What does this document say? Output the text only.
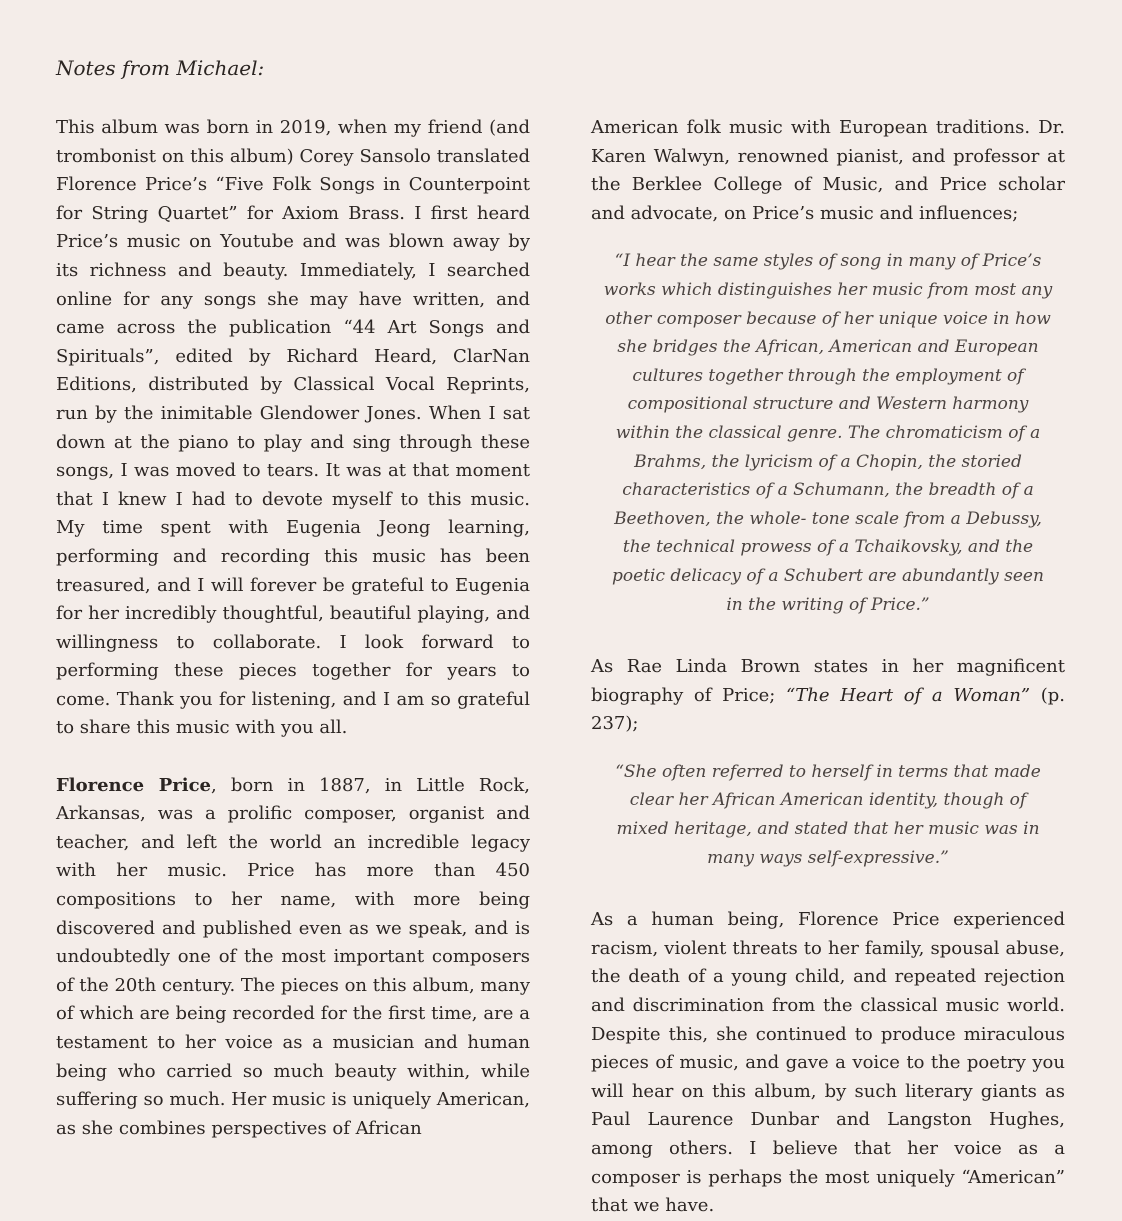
Notes from Michael:

This album was born in 2019, when my friend (and trombonist on this album) Corey Sansolo translated Florence Price’s “Five Folk Songs in Counterpoint for String Quartet” for Axiom Brass. I first heard Price’s music on Youtube and was blown away by its richness and beauty. Immediately, I searched online for any songs she may have written, and came across the publication “44 Art Songs and Spirituals”, edited by Richard Heard, ClarNan Editions, distributed by Classical Vocal Reprints, run by the inimitable Glendower Jones. When I sat down at the piano to play and sing through these songs, I was moved to tears. It was at that moment that I knew I had to devote myself to this music. My time spent with Eugenia Jeong learning, performing and recording this music has been treasured, and I will forever be grateful to Eugenia for her incredibly thoughtful, beautiful playing, and willingness to collaborate. I look forward to performing these pieces together for years to come. Thank you for listening, and I am so grateful to share this music with you all.

Florence Price, born in 1887, in Little Rock, Arkansas, was a prolific composer, organist and teacher, and left the world an incredible legacy with her music. Price has more than 450 compositions to her name, with more being discovered and published even as we speak, and is undoubtedly one of the most important composers of the 20th century. The pieces on this album, many of which are being recorded for the first time, are a testament to her voice as a musician and human being who carried so much beauty within, while suffering so much. Her music is uniquely American, as she combines perspectives of African

American folk music with European traditions. Dr. Karen Walwyn, renowned pianist, and professor at the Berklee College of Music, and Price scholar and advocate, on Price’s music and influences;

“I hear the same styles of song in many of Price’s works which distinguishes her music from most any other composer because of her unique voice in how she bridges the African, American and European cultures together through the employment of compositional structure and Western harmony within the classical genre. The chromaticism of a Brahms, the lyricism of a Chopin, the storied characteristics of a Schumann, the breadth of a Beethoven, the whole- tone scale from a Debussy, the technical prowess of a Tchaikovsky, and the poetic delicacy of a Schubert are abundantly seen in the writing of Price.”

As Rae Linda Brown states in her magnificent biography of Price; “The Heart of a Woman” (p. 237);

“She often referred to herself in terms that made clear her African American identity, though of mixed heritage, and stated that her music was in many ways self-expressive.”

As a human being, Florence Price experienced racism, violent threats to her family, spousal abuse, the death of a young child, and repeated rejection and discrimination from the classical music world. Despite this, she continued to produce miraculous pieces of music, and gave a voice to the poetry you will hear on this album, by such literary giants as Paul Laurence Dunbar and Langston Hughes, among others. I believe that her voice as a composer is perhaps the most uniquely “American” that we have.
